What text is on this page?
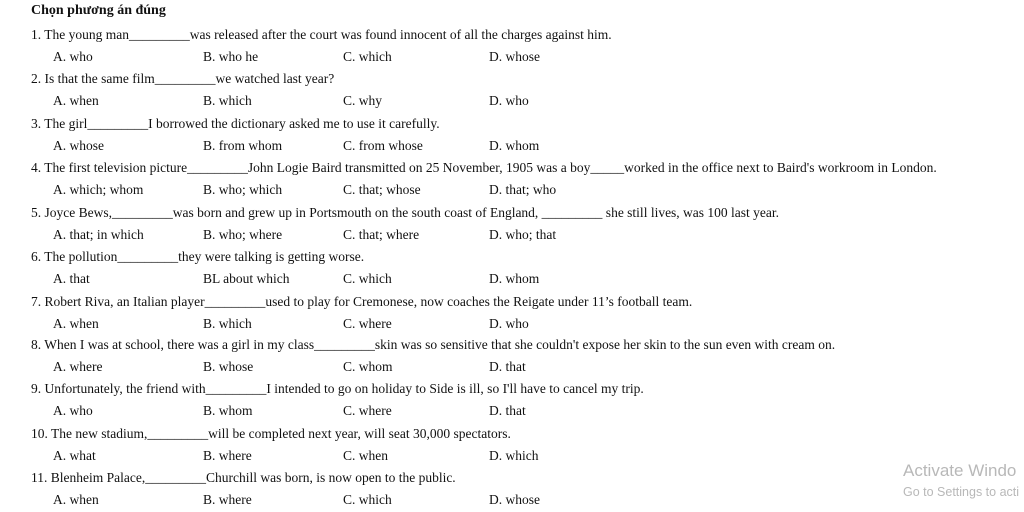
Chọn phương án đúng
1. The young man_________was released after the court was found innocent of all the charges against him.
A. who	B. who he	C. which	D. whose
2. Is that the same film_________we watched last year?
A. when	B. which	C. why	D. who
3. The girl_________I borrowed the dictionary asked me to use it carefully.
A. whose	B. from whom	C. from whose	D. whom
4. The first television picture_________John Logie Baird transmitted on 25 November, 1905 was a boy_____worked in the office next to Baird's workroom in London.
A. which; whom	B. who; which	C. that; whose	D. that; who
5. Joyce Bews,_________was born and grew up in Portsmouth on the south coast of England, _________ she still lives, was 100 last year.
A. that; in which	B. who; where	C. that; where	D. who; that
6. The pollution_________they were talking is getting worse.
A. that	BL about which	C. which	D. whom
7. Robert Riva, an Italian player_________used to play for Cremonese, now coaches the Reigate under 11’s football team.
A. when	B. which	C. where	D. who
8. When I was at school, there was a girl in my class_________skin was so sensitive that she couldn't expose her skin to the sun even with cream on.
A. where	B. whose	C. whom	D. that
9. Unfortunately, the friend with_________I intended to go on holiday to Side is ill, so I'll have to cancel my trip.
A. who	B. whom	C. where	D. that
10. The new stadium,_________will be completed next year, will seat 30,000 spectators.
A. what	B. where	C. when	D. which
11. Blenheim Palace,_________Churchill was born, is now open to the public.
A. when	B. where	C. which	D. whose
Activate Windo
Go to Settings to acti
